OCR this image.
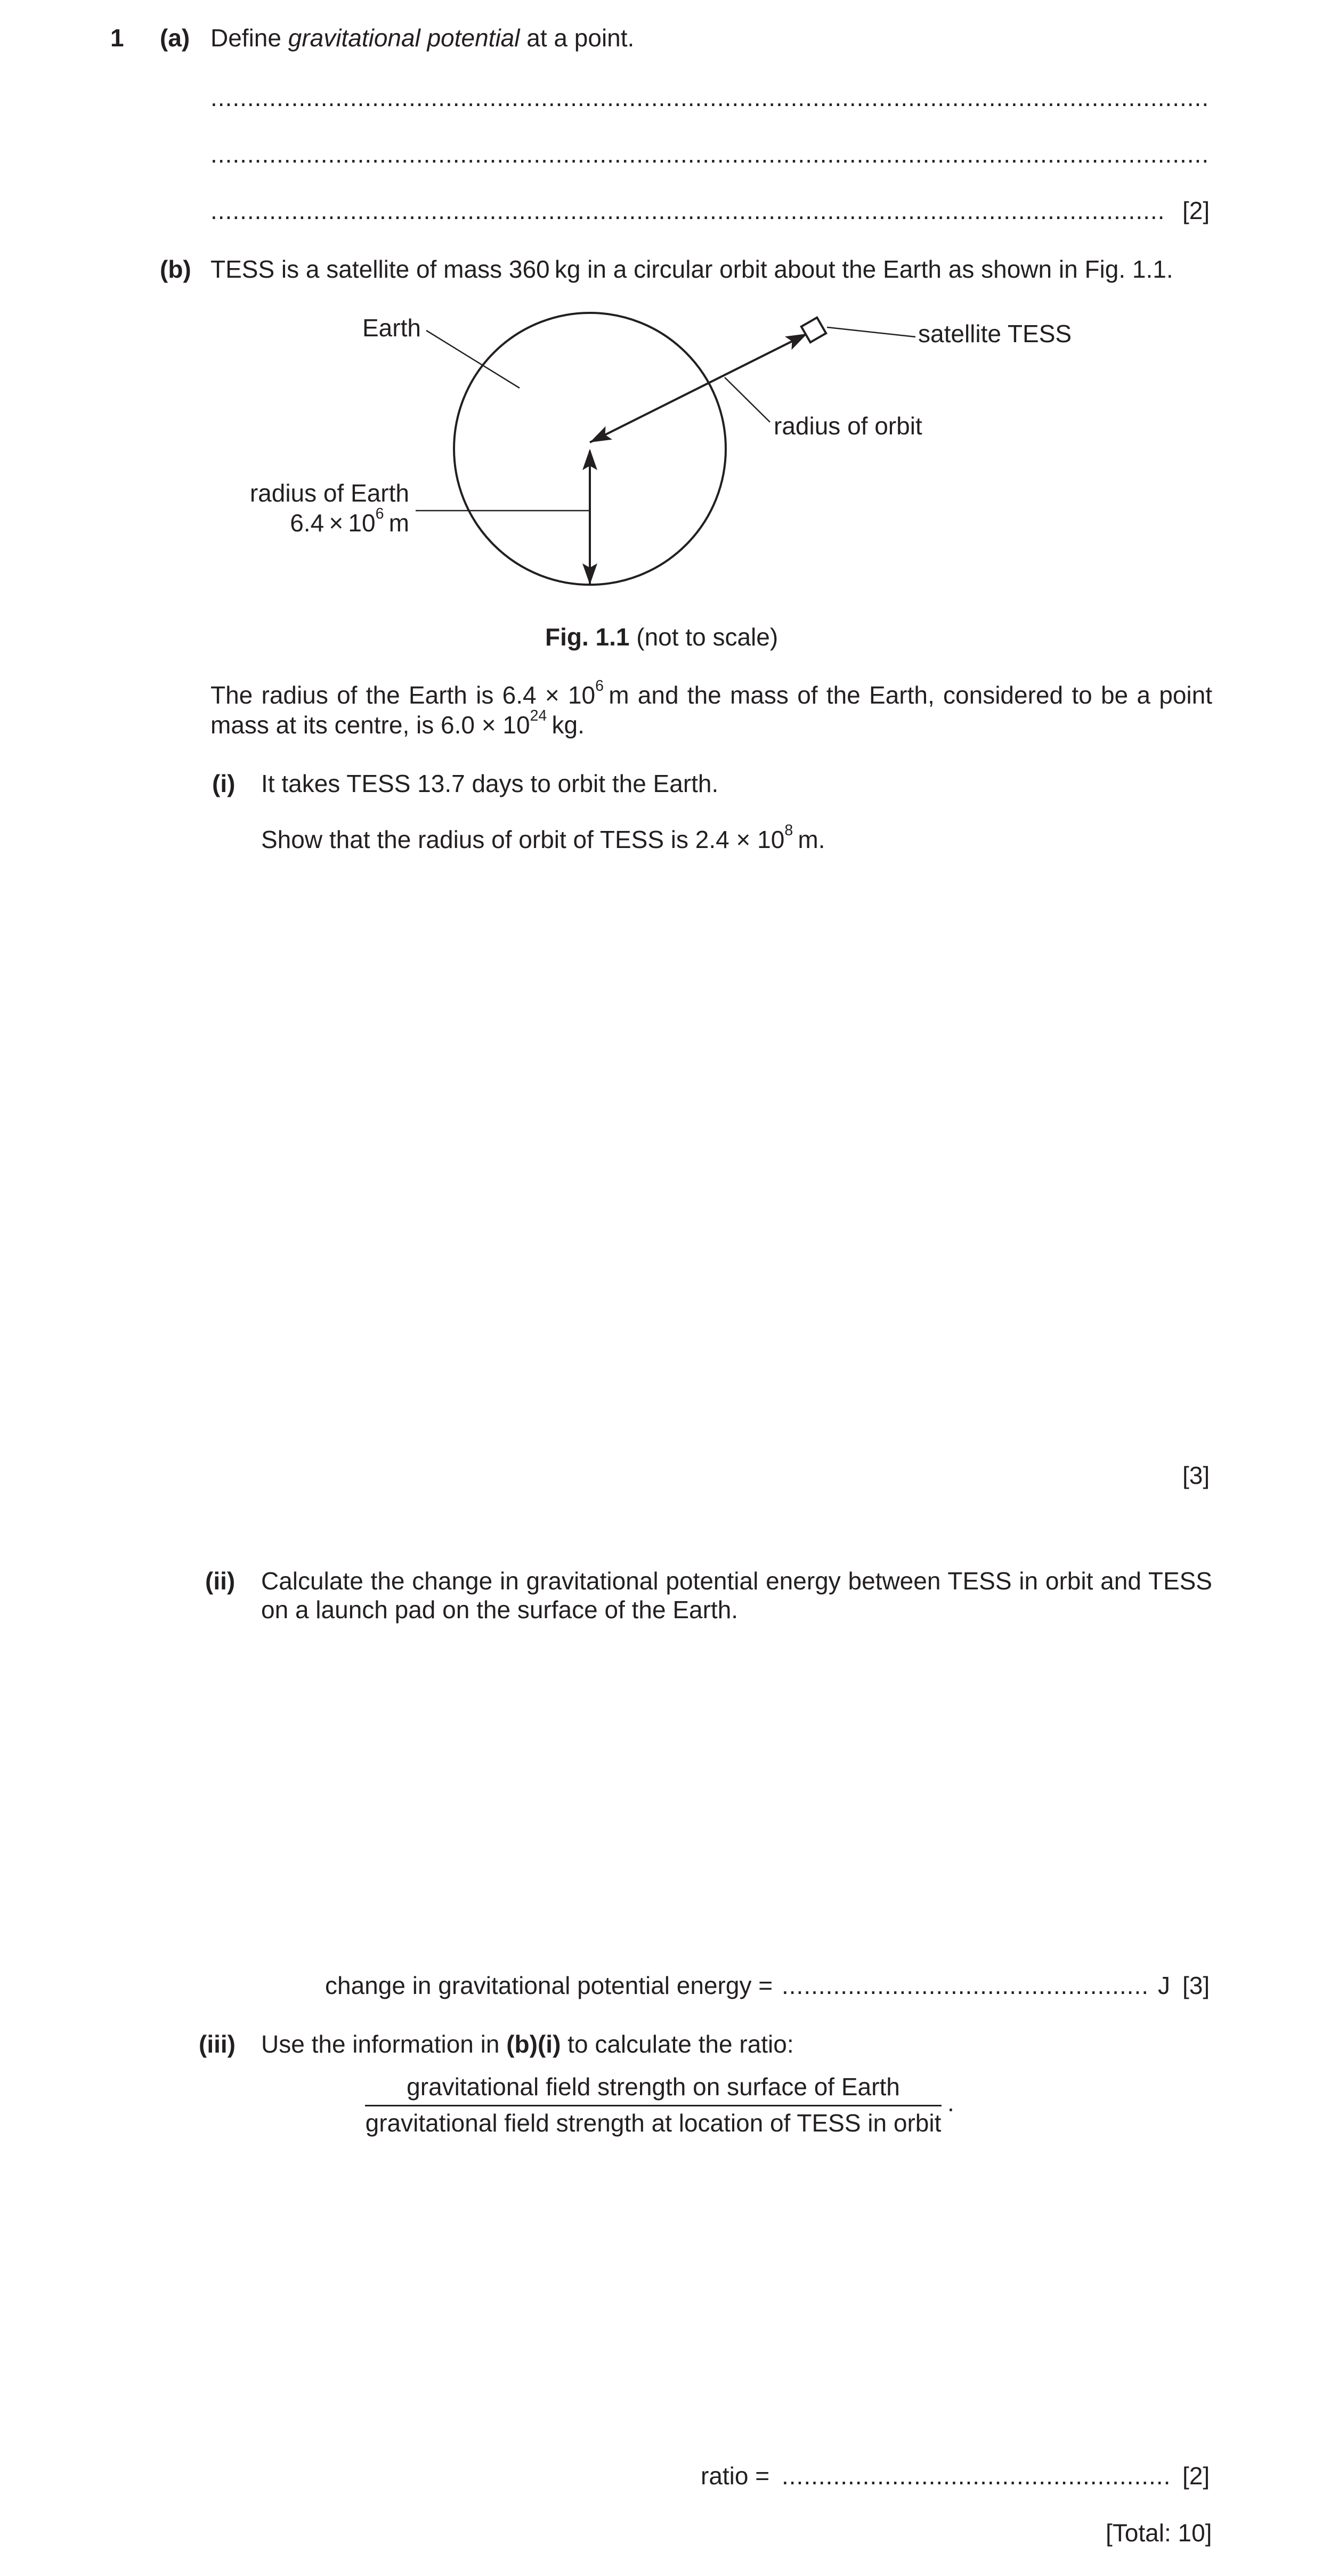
1 (a) Define gravitational potential at a point.
.....
.....
.....
[2]
(b) TESS is a satellite of mass 360 kg in a circular orbit about the Earth as shown in Fig. 1.1.
Earth	satellite TESS
radius of orbit
radius of Earth
$6.4 \times 10^6$ m
Fig. 1.1 (not to scale)
The radius of the Earth is $6.4 \times 10^6$ m and the mass of the Earth, considered to be a point mass at its centre, is $6.0 \times 10^{24}$ kg.
(i) It takes TESS 13.7 days to orbit the Earth.
Show that the radius of orbit of TESS is $2.4 \times 10^8$ m.
[3]
(ii) Calculate the change in gravitational potential energy between TESS in orbit and TESS on a launch pad on the surface of the Earth.
change in gravitational potential energy = .....	J [3]
(iii) Use the information in (b)(i) to calculate the ratio:
gravitational field strength on surface of Earth
gravitational field strength at location of TESS in orbit
.
ratio = .....	[2]
[Total: 10]
